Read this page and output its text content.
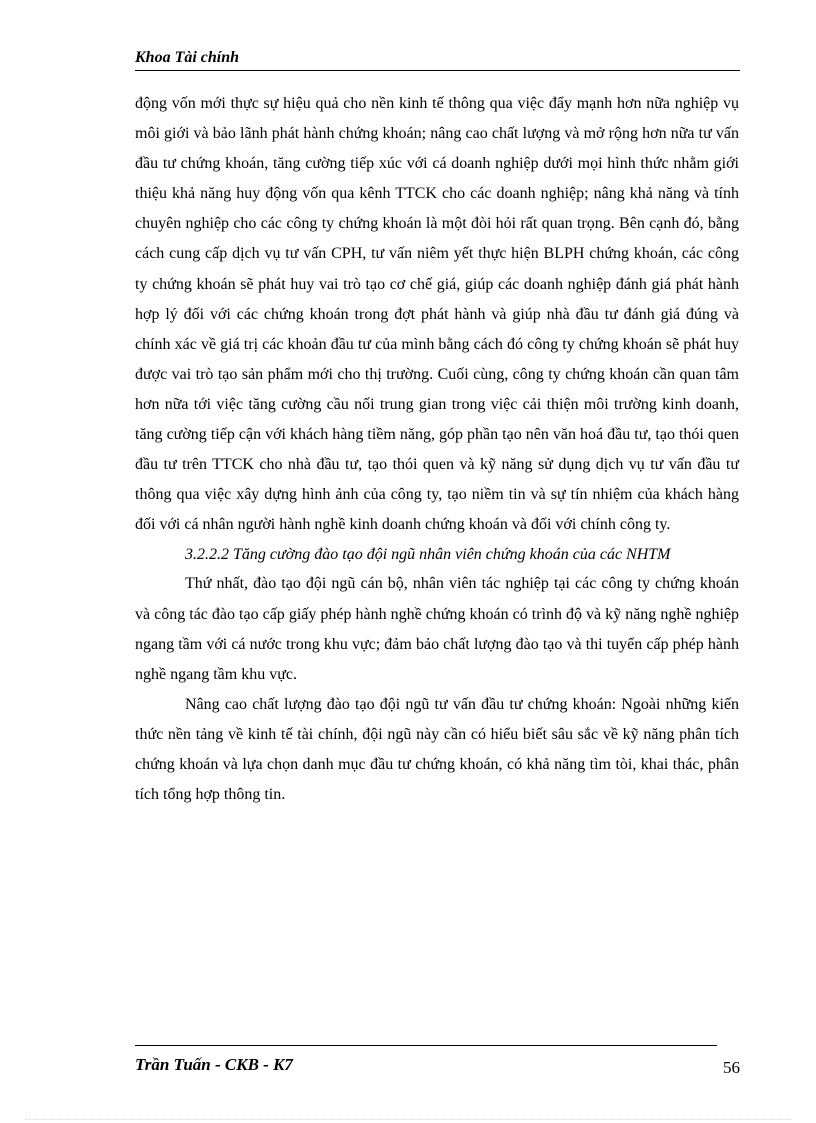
Khoa Tài chính

động vốn mới thực sự hiệu quả cho nền kinh tế thông qua việc đẩy mạnh hơn nữa nghiệp vụ môi giới và bảo lãnh phát hành chứng khoán; nâng cao chất lượng và mở rộng hơn nữa tư vấn đầu tư chứng khoán, tăng cường tiếp xúc với cá doanh nghiệp dưới mọi hình thức nhằm giới thiệu khả năng huy động vốn qua kênh TTCK cho các doanh nghiệp; nâng khả năng và tính chuyên nghiệp cho các công ty chứng khoán là một đòi hỏi rất quan trọng. Bên cạnh đó, bằng cách cung cấp dịch vụ tư vấn CPH, tư vấn niêm yết thực hiện BLPH chứng khoán, các công ty chứng khoán sẽ phát huy vai trò tạo cơ chế giá, giúp các doanh nghiệp đánh giá phát hành hợp lý đối với các chứng khoán trong đợt phát hành và giúp nhà đầu tư đánh giá đúng và chính xác về giá trị các khoản đầu tư của mình bằng cách đó công ty chứng khoán sẽ phát huy được vai trò tạo sản phẩm mới cho thị trường. Cuối cùng, công ty chứng khoán cần quan tâm hơn nữa tới việc tăng cường cầu nối trung gian trong việc cải thiện môi trường kinh doanh, tăng cường tiếp cận với khách hàng tiềm năng, góp phần tạo nên văn hoá đầu tư, tạo thói quen đầu tư trên TTCK cho nhà đầu tư, tạo thói quen và kỹ năng sử dụng dịch vụ tư vấn đầu tư thông qua việc xây dựng hình ảnh của công ty, tạo niềm tin và sự tín nhiệm của khách hàng đối với cá nhân người hành nghề kinh doanh chứng khoán và đối với chính công ty.

3.2.2.2 Tăng cường đào tạo đội ngũ nhân viên chứng khoán của các NHTM

Thứ nhất, đào tạo đội ngũ cán bộ, nhân viên tác nghiệp tại các công ty chứng khoán và công tác đào tạo cấp giấy phép hành nghề chứng khoán có trình độ và kỹ năng nghề nghiệp ngang tầm với cá nước trong khu vực; đảm bảo chất lượng đào tạo và thi tuyển cấp phép hành nghề ngang tầm khu vực.

Nâng cao chất lượng đào tạo đội ngũ tư vấn đầu tư chứng khoán: Ngoài những kiến thức nền tảng về kinh tế tài chính, đội ngũ này cần có hiểu biết sâu sắc về kỹ năng phân tích chứng khoán và lựa chọn danh mục đầu tư chứng khoán, có khả năng tìm tòi, khai thác, phân tích tổng hợp thông tin.

Trần Tuấn - CKB - K7	56
